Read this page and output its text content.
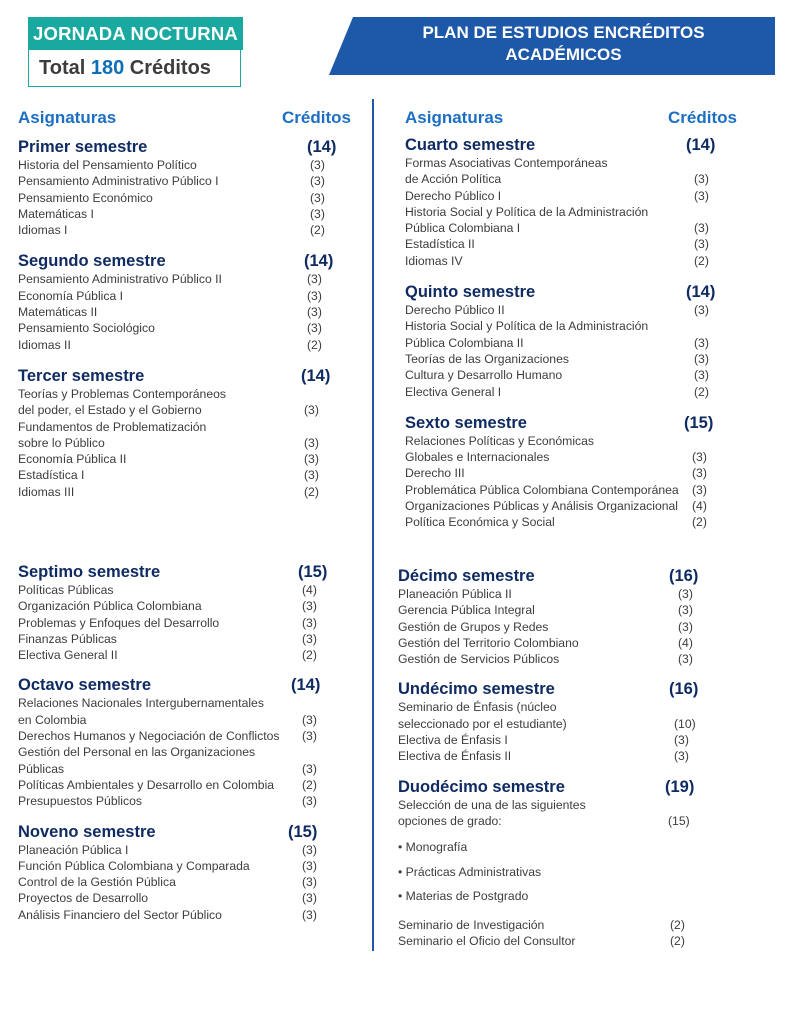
JORNADA NOCTURNA
Total 180 Créditos
PLAN DE ESTUDIOS ENCRÉDITOS
ACADÉMICOS
Asignaturas	Créditos	Asignaturas	Créditos
Primer semestre	(14)
Historia del Pensamiento Político	(3)
Pensamiento Administrativo Público I	(3)
Pensamiento Económico	(3)
Matemáticas I	(3)
Idiomas I	(2)
Segundo semestre	(14)
Pensamiento Administrativo Público II	(3)
Economía Pública I	(3)
Matemáticas II	(3)
Pensamiento Sociológico	(3)
Idiomas II	(2)
Tercer semestre	(14)
Teorías y Problemas Contemporáneos
del poder, el Estado y el Gobierno	(3)
Fundamentos de Problematización
sobre lo Público	(3)
Economía Pública II	(3)
Estadística I	(3)
Idiomas III	(2)
Cuarto semestre	(14)
Formas Asociativas Contemporáneas
de Acción Política	(3)
Derecho Público I	(3)
Historia Social y Política de la Administración
Pública Colombiana I	(3)
Estadística II	(3)
Idiomas IV	(2)
Quinto semestre	(14)
Derecho Público II	(3)
Historia Social y Política de la Administración
Pública Colombiana II	(3)
Teorías de las Organizaciones	(3)
Cultura y Desarrollo Humano	(3)
Electiva General I	(2)
Sexto semestre	(15)
Relaciones Políticas y Económicas
Globales e Internacionales	(3)
Derecho III	(3)
Problemática Pública Colombiana Contemporánea (3)
Organizaciones Públicas y Análisis Organizacional (4)
Política Económica y Social	(2)
Septimo semestre	(15)
Políticas Públicas	(4)
Organización Pública Colombiana	(3)
Problemas y Enfoques del Desarrollo	(3)
Finanzas Públicas	(3)
Electiva General II	(2)
Octavo semestre	(14)
Relaciones Nacionales Intergubernamentales
en Colombia	(3)
Derechos Humanos y Negociación de Conflictos (3)
Gestión del Personal en las Organizaciones
Públicas	(3)
Políticas Ambientales y Desarrollo en Colombia (2)
Presupuestos Públicos	(3)
Noveno semestre	(15)
Planeación Pública I	(3)
Función Pública Colombiana y Comparada	(3)
Control de la Gestión Pública	(3)
Proyectos de Desarrollo	(3)
Análisis Financiero del Sector Público	(3)
Décimo semestre	(16)
Planeación Pública II	(3)
Gerencia Pública Integral	(3)
Gestión de Grupos y Redes	(3)
Gestión del Territorio Colombiano	(4)
Gestión de Servicios Públicos	(3)
Undécimo semestre	(16)
Seminario de Énfasis (núcleo
seleccionado por el estudiante)	(10)
Electiva de Énfasis I	(3)
Electiva de Énfasis II	(3)
Duodécimo semestre	(19)
Selección de una de las siguientes
opciones de grado:	(15)
• Monografía
• Prácticas Administrativas
• Materias de Postgrado
Seminario de Investigación	(2)
Seminario el Oficio del Consultor	(2)
